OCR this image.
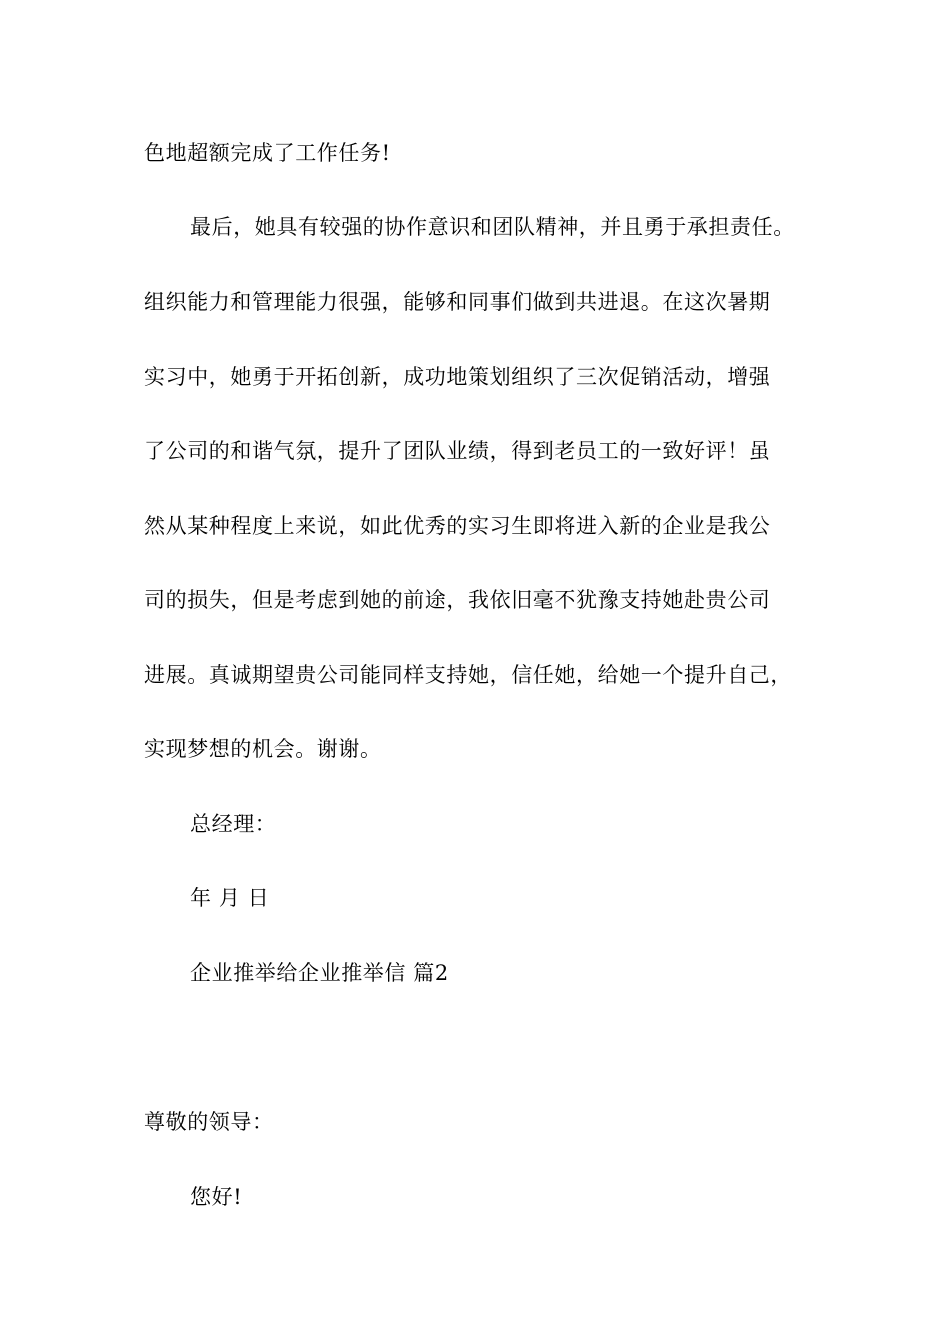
色地超额完成了工作任务!
最后，她具有较强的协作意识和团队精神，并且勇于承担责任。
组织能力和管理能力很强，能够和同事们做到共进退。在这次暑期
实习中，她勇于开拓创新，成功地策划组织了三次促销活动，增强
了公司的和谐气氛，提升了团队业绩，得到老员工的一致好评！虽
然从某种程度上来说，如此优秀的实习生即将进入新的企业是我公
司的损失，但是考虑到她的前途，我依旧毫不犹豫支持她赴贵公司
进展。真诚期望贵公司能同样支持她，信任她，给她一个提升自己，
实现梦想的机会。谢谢。
总经理：
年 月 日
企业推举给企业推举信 篇2
尊敬的领导：
您好!
